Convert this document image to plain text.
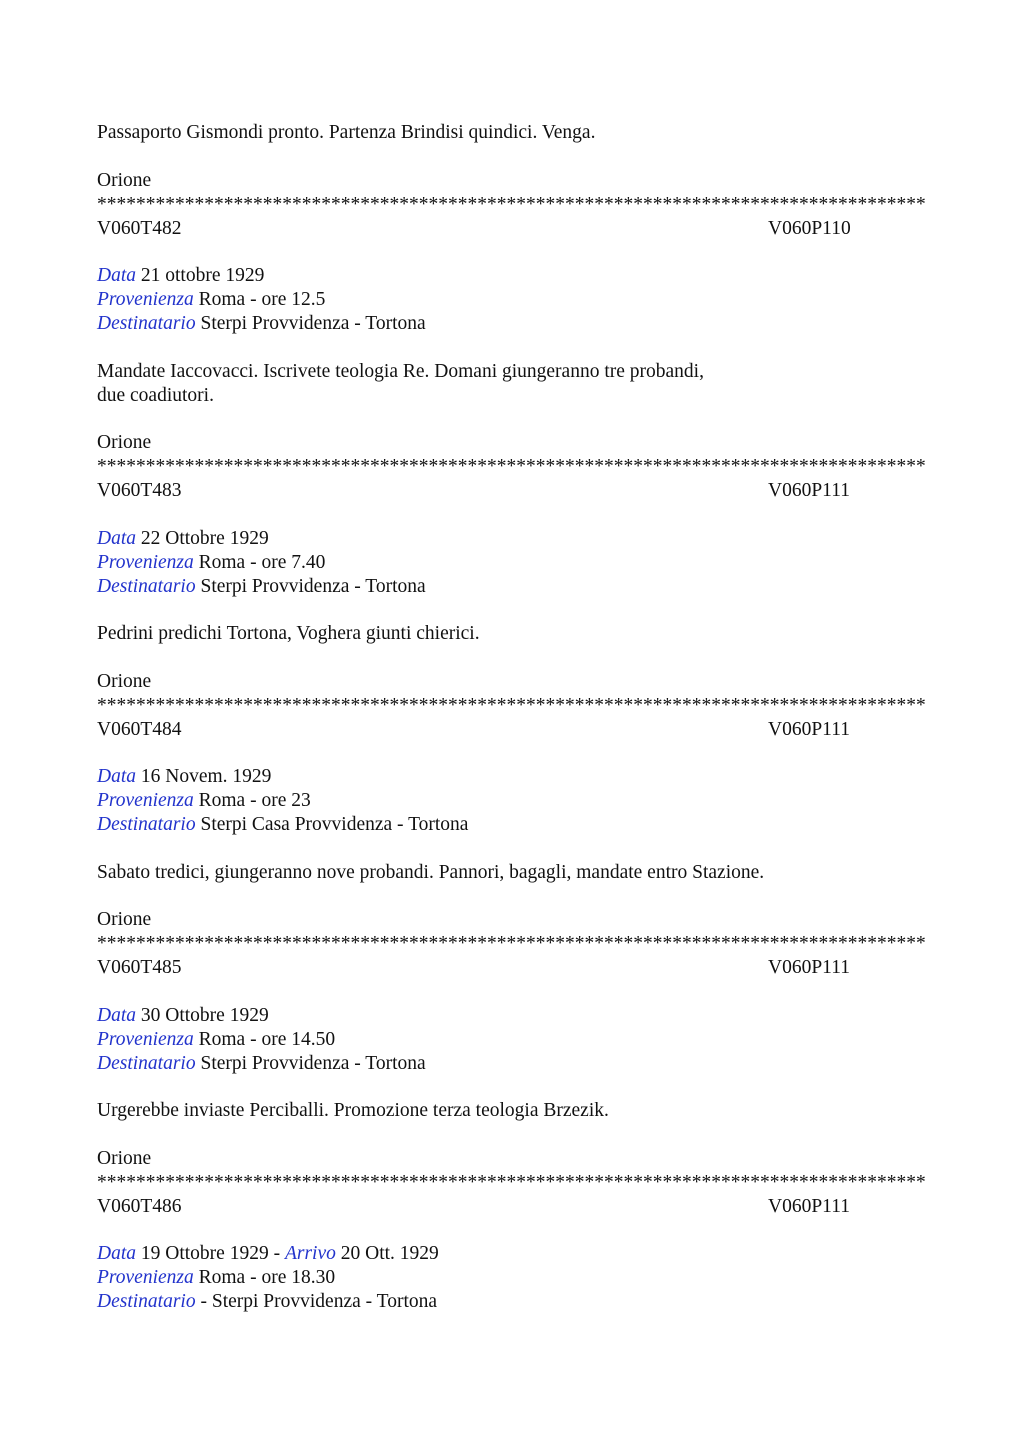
Passaporto Gismondi pronto. Partenza Brindisi quindici. Venga.
Orione
*************************************************************************************
V060T482	V060P110
Data 21 ottobre 1929
Provenienza Roma - ore 12.5
Destinatario Sterpi Provvidenza - Tortona
Mandate Iaccovacci. Iscrivete teologia Re. Domani giungeranno tre probandi,
due coadiutori.
Orione
*************************************************************************************
V060T483	V060P111
Data 22 Ottobre 1929
Provenienza Roma - ore 7.40
Destinatario Sterpi Provvidenza - Tortona
Pedrini predichi Tortona, Voghera giunti chierici.
Orione
*************************************************************************************
V060T484	V060P111
Data 16 Novem. 1929
Provenienza Roma - ore 23
Destinatario Sterpi Casa Provvidenza - Tortona
Sabato tredici, giungeranno nove probandi. Pannori, bagagli, mandate entro Stazione.
Orione
*************************************************************************************
V060T485	V060P111
Data 30 Ottobre 1929
Provenienza Roma - ore 14.50
Destinatario Sterpi Provvidenza - Tortona
Urgerebbe inviaste Perciballi. Promozione terza teologia Brzezik.
Orione
*************************************************************************************
V060T486	V060P111
Data 19 Ottobre 1929 - Arrivo 20 Ott. 1929
Provenienza Roma - ore 18.30
Destinatario - Sterpi Provvidenza - Tortona
